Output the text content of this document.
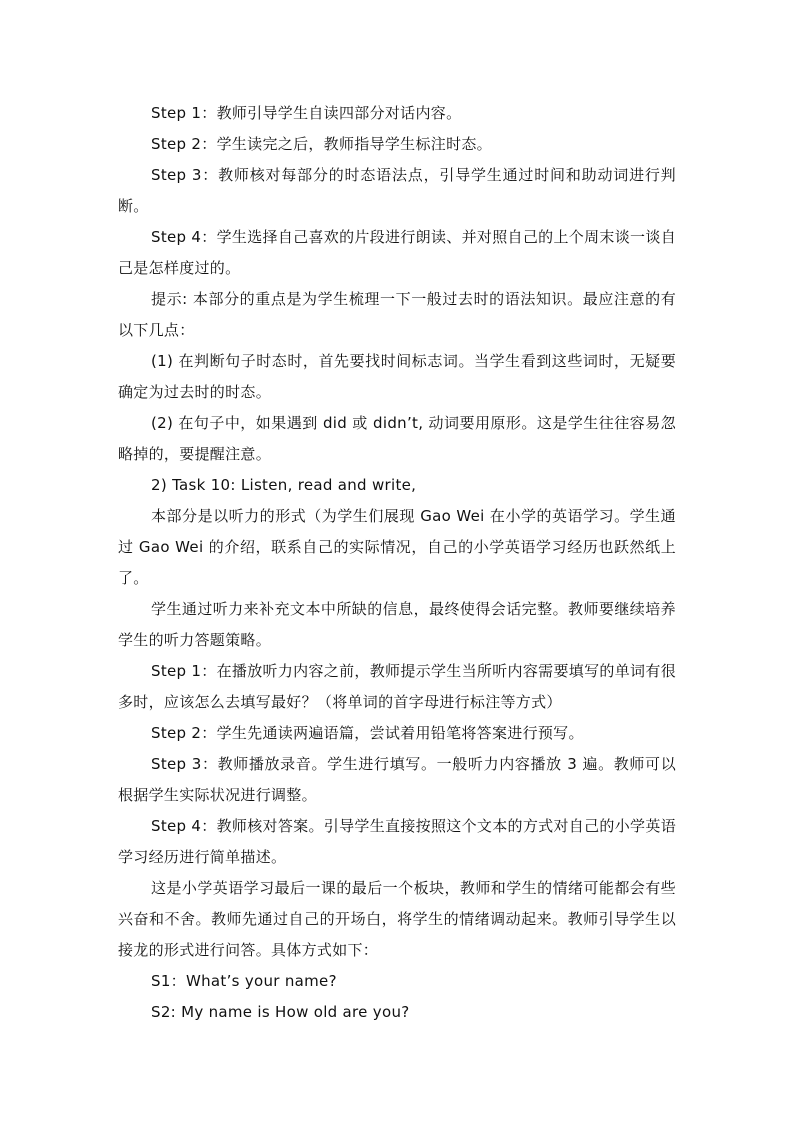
Step 1：教师引导学生自读四部分对话内容。

Step 2：学生读完之后，教师指导学生标注时态。

Step 3：教师核对每部分的时态语法点，引导学生通过时间和助动词进行判断。

Step 4：学生选择自己喜欢的片段进行朗读、并对照自己的上个周末谈一谈自己是怎样度过的。

提示: 本部分的重点是为学生梳理一下一般过去时的语法知识。最应注意的有以下几点：

(1) 在判断句子时态时，首先要找时间标志词。当学生看到这些词时，无疑要确定为过去时的时态。

(2) 在句子中，如果遇到 did 或 didn’t, 动词要用原形。这是学生往往容易忽略掉的，要提醒注意。

2) Task 10: Listen, read and write,

本部分是以听力的形式（为学生们展现 Gao Wei 在小学的英语学习。学生通过 Gao Wei 的介绍，联系自己的实际情况，自己的小学英语学习经历也跃然纸上了。

学生通过听力来补充文本中所缺的信息，最终使得会话完整。教师要继续培养学生的听力答题策略。

Step 1：在播放听力内容之前，教师提示学生当所听内容需要填写的单词有很多时，应该怎么去填写最好？（将单词的首字母进行标注等方式）

Step 2：学生先通读两遍语篇，尝试着用铅笔将答案进行预写。

Step 3：教师播放录音。学生进行填写。一般听力内容播放 3 遍。教师可以根据学生实际状况进行调整。

Step 4：教师核对答案。引导学生直接按照这个文本的方式对自己的小学英语学习经历进行简单描述。

这是小学英语学习最后一课的最后一个板块，教师和学生的情绪可能都会有些兴奋和不舍。教师先通过自己的开场白，将学生的情绪调动起来。教师引导学生以接龙的形式进行问答。具体方式如下：

S1：What’s your name?

S2: My name is How old are you?
